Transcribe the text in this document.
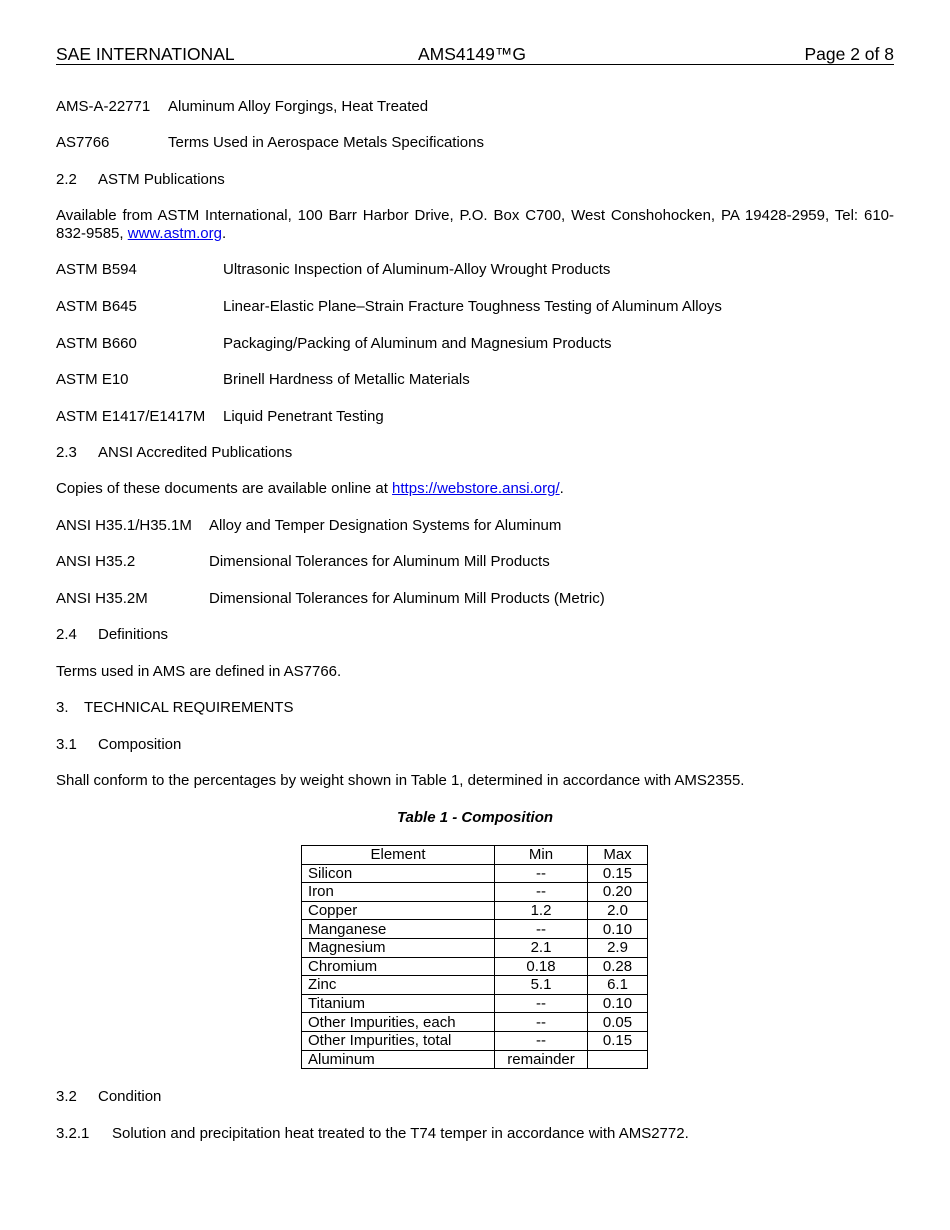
SAE INTERNATIONAL	AMS4149™G	Page 2 of 8
AMS-A-22771 Aluminum Alloy Forgings, Heat Treated
AS7766	Terms Used in Aerospace Metals Specifications
2.2 ASTM Publications
Available from ASTM International, 100 Barr Harbor Drive, P.O. Box C700, West Conshohocken, PA 19428-2959, Tel: 610-832-9585, www.astm.org.
ASTM B594	Ultrasonic Inspection of Aluminum-Alloy Wrought Products
ASTM B645	Linear-Elastic Plane–Strain Fracture Toughness Testing of Aluminum Alloys
ASTM B660	Packaging/Packing of Aluminum and Magnesium Products
ASTM E10	Brinell Hardness of Metallic Materials
ASTM E1417/E1417M Liquid Penetrant Testing
2.3 ANSI Accredited Publications
Copies of these documents are available online at https://webstore.ansi.org/.
ANSI H35.1/H35.1M Alloy and Temper Designation Systems for Aluminum
ANSI H35.2	Dimensional Tolerances for Aluminum Mill Products
ANSI H35.2M	Dimensional Tolerances for Aluminum Mill Products (Metric)
2.4 Definitions
Terms used in AMS are defined in AS7766.
3. TECHNICAL REQUIREMENTS
3.1 Composition
Shall conform to the percentages by weight shown in Table 1, determined in accordance with AMS2355.
Table 1 - Composition
Element	Min	Max
Silicon	--	0.15
Iron	--	0.20
Copper	1.2	2.0
Manganese	--	0.10
Magnesium	2.1	2.9
Chromium	0.18	0.28
Zinc	5.1	6.1
Titanium	--	0.10
Other Impurities, each	--	0.05
Other Impurities, total	--	0.15
Aluminum	remainder	
3.2 Condition
3.2.1 Solution and precipitation heat treated to the T74 temper in accordance with AMS2772.
